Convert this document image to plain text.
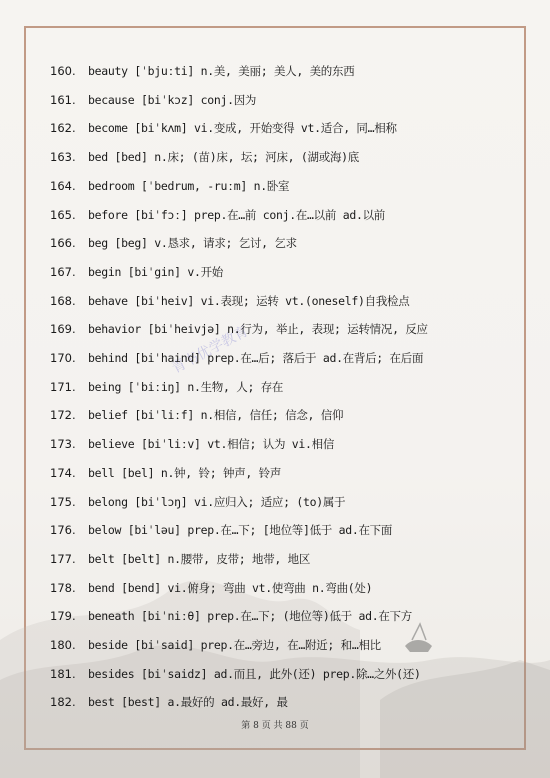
青书优学教育
160. beauty [ˈbjuːti] n.美, 美丽; 美人, 美的东西
161. because [biˈkɔz] conj.因为
162. become [biˈkʌm] vi.变成, 开始变得 vt.适合, 同…相称
163. bed [bed] n.床; (苗)床, 坛; 河床, (湖或海)底
164. bedroom [ˈbedrum, -ruːm] n.卧室
165. before [biˈfɔː] prep.在…前 conj.在…以前 ad.以前
166. beg [beg] v.恳求, 请求; 乞讨, 乞求
167. begin [biˈgin] v.开始
168. behave [biˈheiv] vi.表现; 运转 vt.(oneself)自我检点
169. behavior [biˈheivjə] n.行为, 举止, 表现; 运转情况, 反应
170. behind [biˈhaind] prep.在…后; 落后于 ad.在背后; 在后面
171. being [ˈbiːiŋ] n.生物, 人; 存在
172. belief [biˈliːf] n.相信, 信任; 信念, 信仰
173. believe [biˈliːv] vt.相信; 认为 vi.相信
174. bell [bel] n.钟, 铃; 钟声, 铃声
175. belong [biˈlɔŋ] vi.应归入; 适应; (to)属于
176. below [biˈləu] prep.在…下; [地位等]低于 ad.在下面
177. belt [belt] n.腰带, 皮带; 地带, 地区
178. bend [bend] vi.俯身; 弯曲 vt.使弯曲 n.弯曲(处)
179. beneath [biˈniːθ] prep.在…下; (地位等)低于 ad.在下方
180. beside [biˈsaid] prep.在…旁边, 在…附近; 和…相比
181. besides [biˈsaidz] ad.而且, 此外(还) prep.除…之外(还)
182. best [best] a.最好的 ad.最好, 最
第 8 页 共 88 页
